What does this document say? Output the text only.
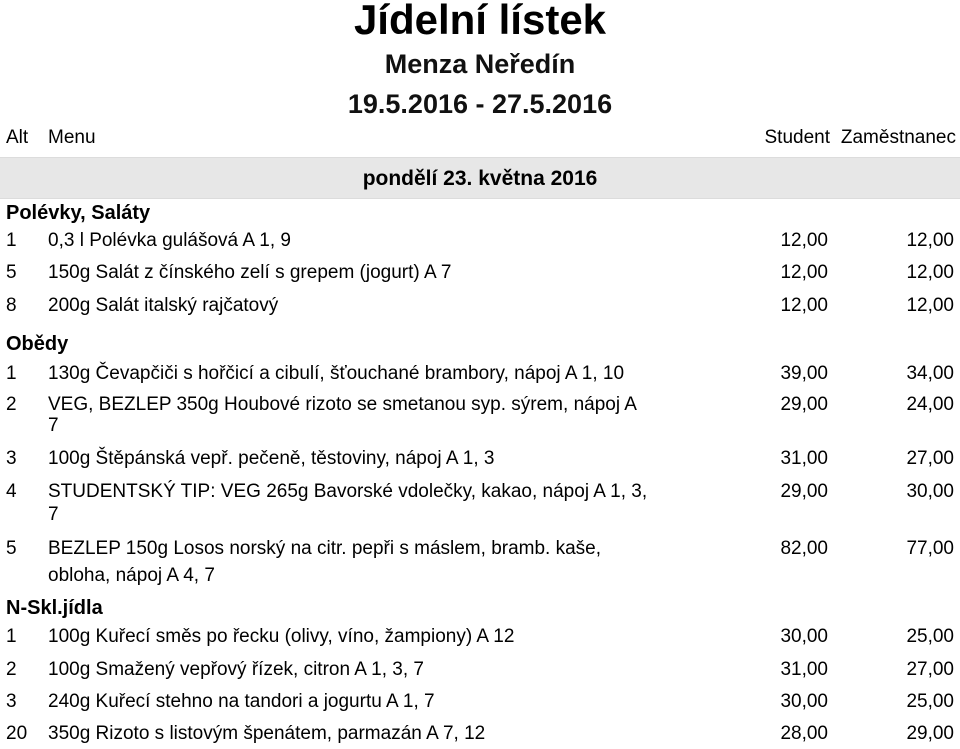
Jídelní lístek
Menza Neředín
19.5.2016 - 27.5.2016
Alt Menu	Student Zaměstnanec
pondělí 23. května 2016
Polévky, Saláty
1 0,3 l Polévka gulášová A 1, 9	12,00	12,00
5 150g Salát z čínského zelí s grepem (jogurt) A 7	12,00	12,00
8 200g Salát italský rajčatový	12,00	12,00
Obědy
1 130g Čevapčiči s hořčicí a cibulí, šťouchané brambory, nápoj A 1, 10	39,00	34,00
2 VEG, BEZLEP 350g Houbové rizoto se smetanou syp. sýrem, nápoj A	29,00	24,00
7
3 100g Štěpánská vepř. pečeně, těstoviny, nápoj A 1, 3	31,00	27,00
4 STUDENTSKÝ TIP: VEG 265g Bavorské vdolečky, kakao, nápoj A 1, 3,	29,00	30,00
7
5 BEZLEP 150g Losos norský na citr. pepři s máslem, bramb. kaše,	82,00	77,00
obloha, nápoj A 4, 7
N-Skl.jídla
1 100g Kuřecí směs po řecku (olivy, víno, žampiony) A 12	30,00	25,00
2 100g Smažený vepřový řízek, citron A 1, 3, 7	31,00	27,00
3 240g Kuřecí stehno na tandori a jogurtu A 1, 7	30,00	25,00
20 350g Rizoto s listovým špenátem, parmazán A 7, 12	28,00	29,00
